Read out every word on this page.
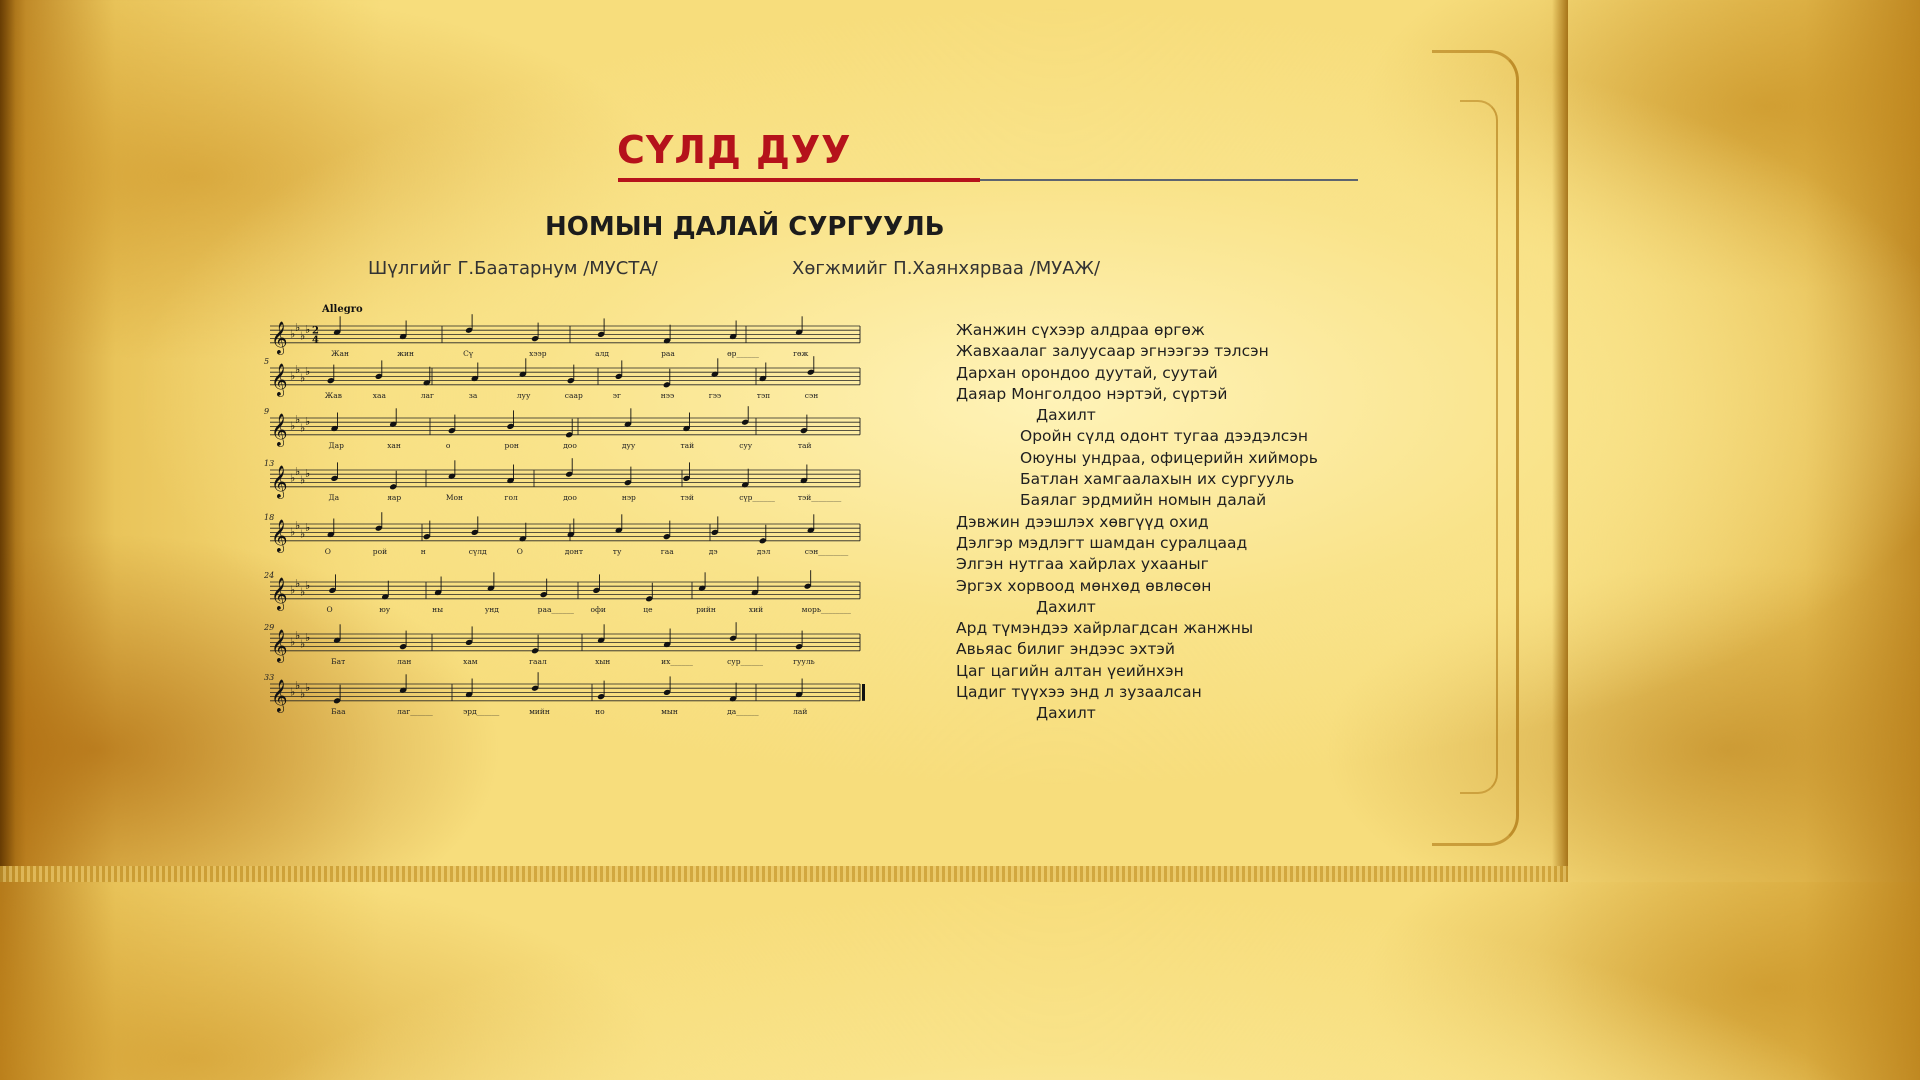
СҮЛД ДУУ
НОМЫН ДАЛАЙ СУРГУУЛЬ
Шүлгийг Г.Баатарнум /МУСТА/	Хөгжмийг П.Хаянхярваа /МУАЖ/
Allegro
𝄞 ♭ ♭
♭ ♭ 2
4
Жан	жин	Сү	хээр	алд	раа	өр______	гөж
𝄞 ♭ ♭
♭ ♭
5
Жав	хаа	лаг	за	луу	саар	эг	нээ	гээ	тэп	сэн
𝄞 ♭ ♭
♭ ♭
9
Дар	хан	о	рон	доо	дуу	тай	суу	тай
𝄞 ♭ ♭
♭ ♭
13
Да	яар	Мон	гол	доо	нэр	тэй	сүр______	тэй________
𝄞 ♭ ♭
♭ ♭
18
О	рой	н	сүлд	О	донт	ту	гаа	дэ	дэл	сэн________
𝄞 ♭ ♭
♭ ♭
24
О	юу	ны	унд	раа______ офи	це	рийн	хий	морь________
𝄞 ♭ ♭
♭ ♭
29
Бат	лан	хам	гаал	хын	их______	сур______	гууль
𝄞 ♭ ♭
♭ ♭
33
Баа	лаг______	эрд______	мийн	но	мын	да______	лай
Жанжин сүхээр алдраа өргөж
Жавхаалаг залуусаар эгнээгээ тэлсэн
Дархан орондоо дуутай, суутай
Даяар Монголдоо нэртэй, сүртэй
Дахилт
Оройн сүлд одонт тугаа дээдэлсэн
Оюуны ундраа, офицерийн хийморь
Батлан хамгаалахын их сургууль
Баялаг эрдмийн номын далай
Дэвжин дээшлэх хөвгүүд охид
Дэлгэр мэдлэгт шамдан суралцаад
Элгэн нутгаа хайрлах ухааныг
Эргэх хорвоод мөнхөд өвлөсөн
Дахилт
Ард түмэндээ хайрлагдсан жанжны
Авьяас билиг эндээс эхтэй
Цаг цагийн алтан үеийнхэн
Цадиг түүхээ энд л зузаалсан
Дахилт
